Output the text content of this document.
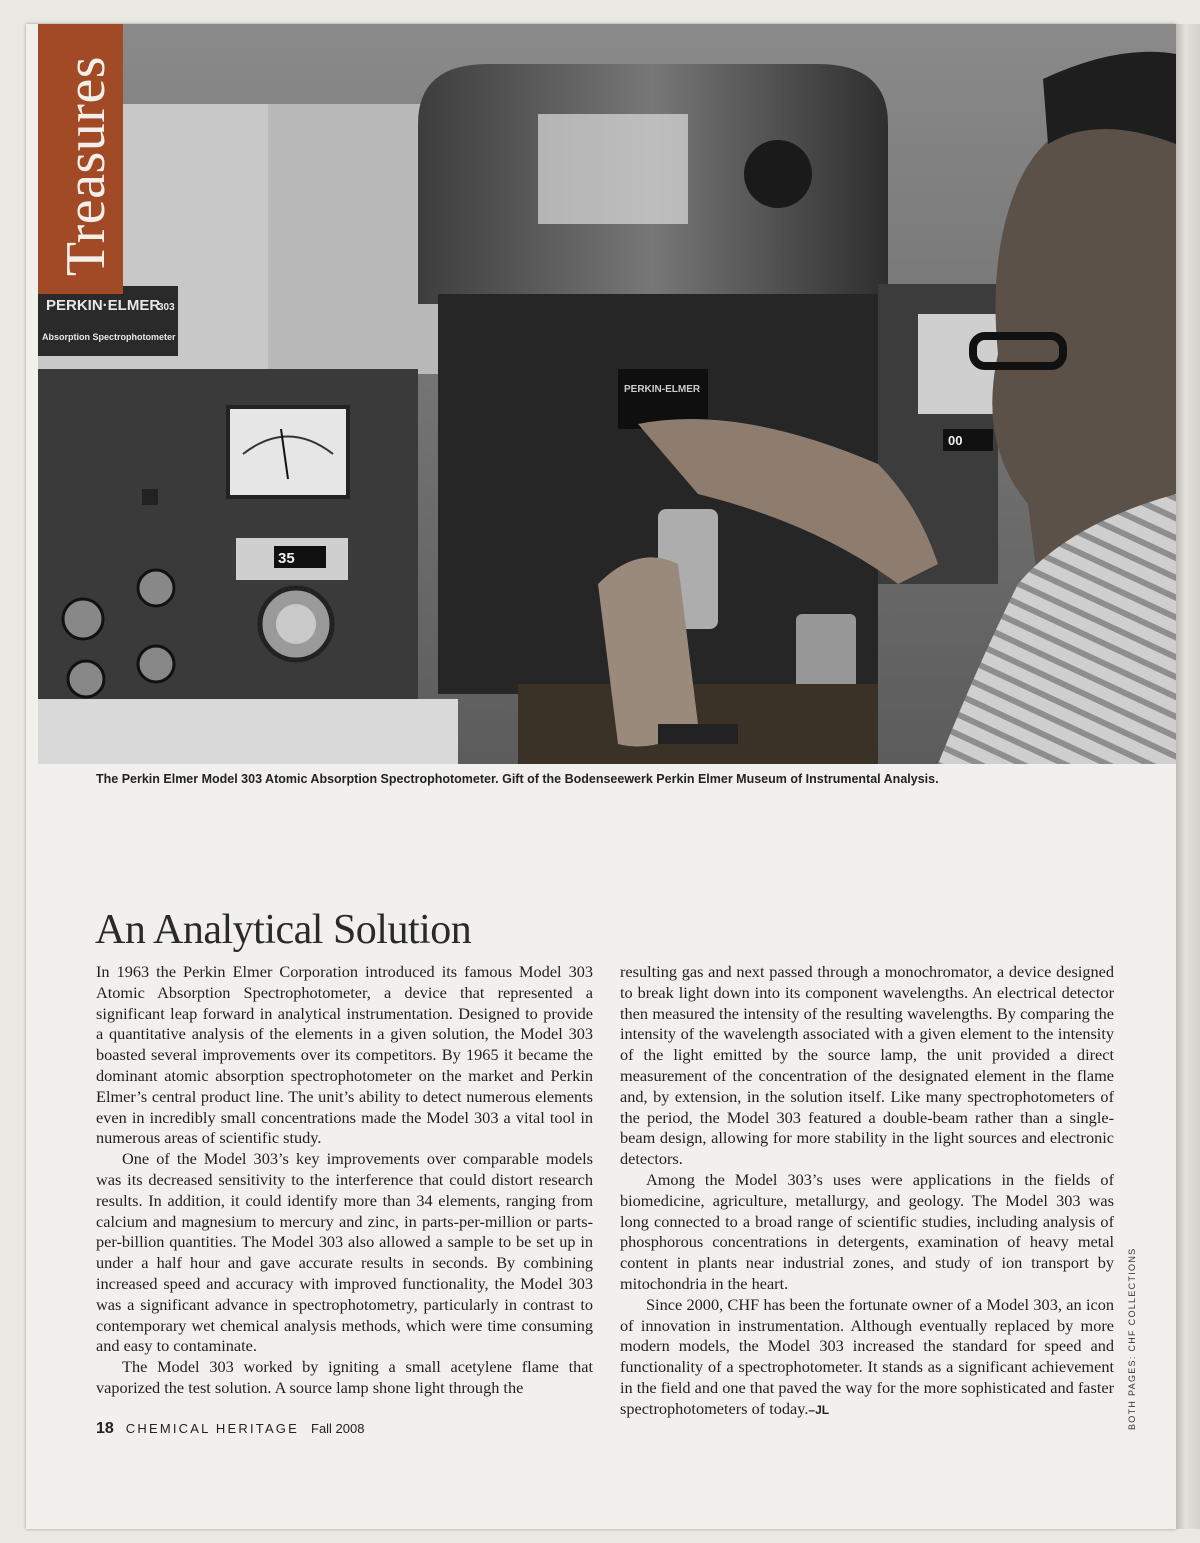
PERKIN·ELMER
303
Absorption Spectrophotometer
35
00
PERKIN-ELMER
Treasures
The Perkin Elmer Model 303 Atomic Absorption Spectrophotometer. Gift of the Bodenseewerk Perkin Elmer Museum of Instrumental Analysis.
An Analytical Solution

In 1963 the Perkin Elmer Corporation introduced its famous Model 303 Atomic Absorption Spectrophotometer, a device that represented a significant leap forward in analytical instrumentation. Designed to provide a quantitative analysis of the elements in a given solution, the Model 303 boasted several improvements over its competitors. By 1965 it became the dominant atomic absorption spectrophotometer on the market and Perkin Elmer’s central product line. The unit’s ability to detect numerous elements even in incredibly small concentrations made the Model 303 a vital tool in numerous areas of scientific study.

One of the Model 303’s key improvements over comparable models was its decreased sensitivity to the interference that could distort research results. In addition, it could identify more than 34 elements, ranging from calcium and magnesium to mercury and zinc, in parts-per-million or parts-per-billion quantities. The Model 303 also allowed a sample to be set up in under a half hour and gave accurate results in seconds. By combining increased speed and accuracy with improved functionality, the Model 303 was a significant advance in spectrophotometry, particularly in contrast to contemporary wet chemical analysis methods, which were time consuming and easy to contaminate.

The Model 303 worked by igniting a small acetylene flame that vaporized the test solution. A source lamp shone light through the

resulting gas and next passed through a monochromator, a device designed to break light down into its component wavelengths. An electrical detector then measured the intensity of the resulting wavelengths. By comparing the intensity of the wavelength associated with a given element to the intensity of the light emitted by the source lamp, the unit provided a direct measurement of the concentration of the designated element in the flame and, by extension, in the solution itself. Like many spectrophotometers of the period, the Model 303 featured a double-beam rather than a single-beam design, allowing for more stability in the light sources and electronic detectors.

Among the Model 303’s uses were applications in the fields of biomedicine, agriculture, metallurgy, and geology. The Model 303 was long connected to a broad range of scientific studies, including analysis of phosphorous concentrations in detergents, examination of heavy metal content in plants near industrial zones, and study of ion transport by mitochondria in the heart.

Since 2000, CHF has been the fortunate owner of a Model 303, an icon of innovation in instrumentation. Although eventually replaced by more modern models, the Model 303 increased the standard for speed and functionality of a spectrophotometer. It stands as a significant achievement in the field and one that paved the way for the more sophisticated and faster spectrophotometers of today.–JL

18 CHEMICAL HERITAGE Fall 2008	BOTH PAGES: CHF COLLECTIONS
